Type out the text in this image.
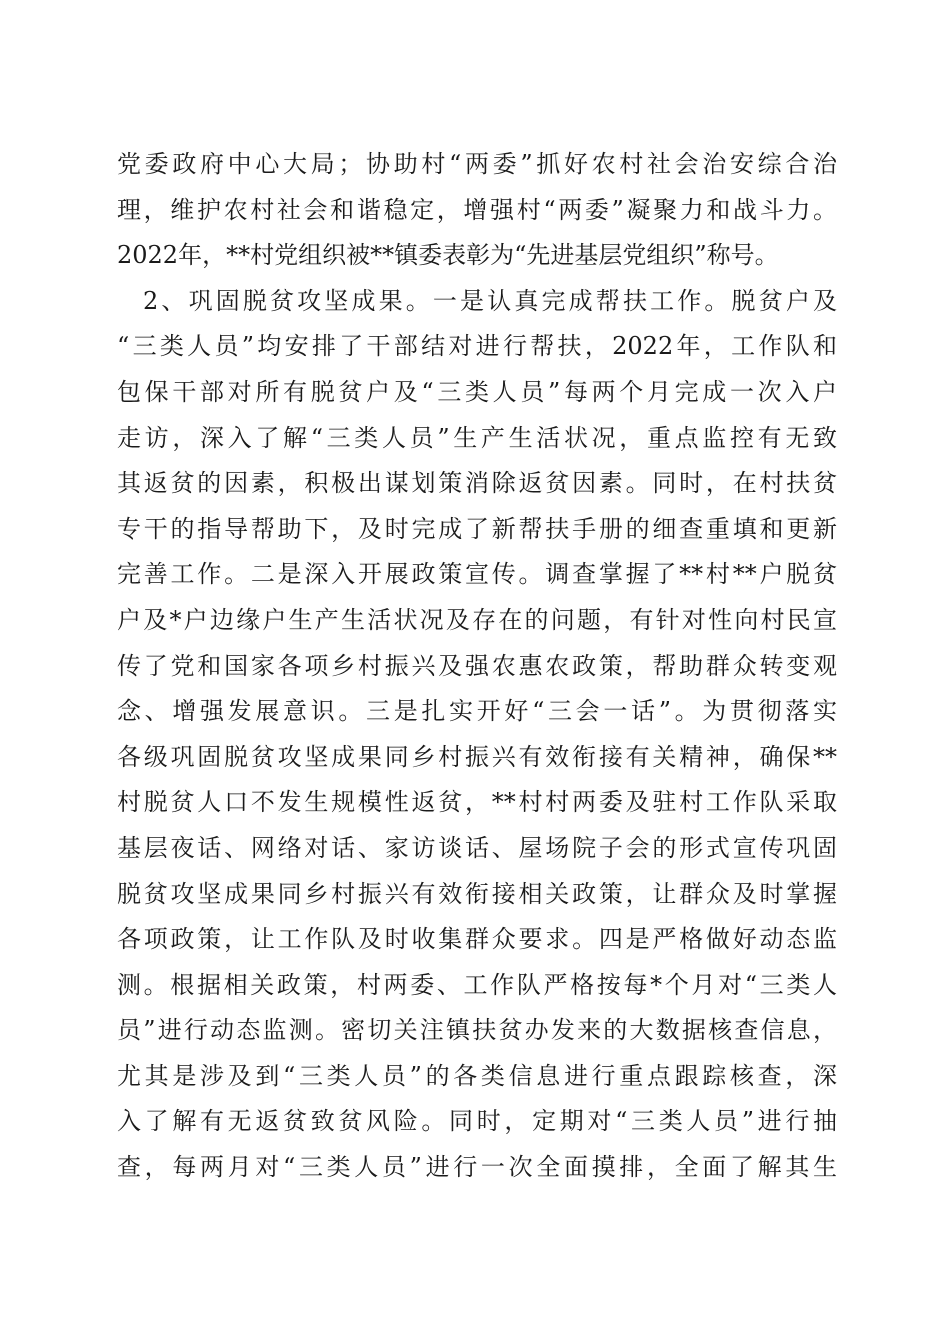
党委政府中心大局；协助村“两委”抓好农村社会治安综合治
理，维护农村社会和谐稳定，增强村“两委”凝聚力和战斗力。
2022年，**村党组织被**镇委表彰为“先进基层党组织”称号。
2、巩固脱贫攻坚成果。一是认真完成帮扶工作。脱贫户及
“三类人员”均安排了干部结对进行帮扶，2022年，工作队和
包保干部对所有脱贫户及“三类人员”每两个月完成一次入户
走访，深入了解“三类人员”生产生活状况，重点监控有无致
其返贫的因素，积极出谋划策消除返贫因素。同时，在村扶贫
专干的指导帮助下，及时完成了新帮扶手册的细查重填和更新
完善工作。二是深入开展政策宣传。调查掌握了**村**户脱贫
户及*户边缘户生产生活状况及存在的问题，有针对性向村民宣
传了党和国家各项乡村振兴及强农惠农政策，帮助群众转变观
念、增强发展意识。三是扎实开好“三会一话”。为贯彻落实
各级巩固脱贫攻坚成果同乡村振兴有效衔接有关精神，确保**
村脱贫人口不发生规模性返贫，**村村两委及驻村工作队采取
基层夜话、网络对话、家访谈话、屋场院子会的形式宣传巩固
脱贫攻坚成果同乡村振兴有效衔接相关政策，让群众及时掌握
各项政策，让工作队及时收集群众要求。四是严格做好动态监
测。根据相关政策，村两委、工作队严格按每*个月对“三类人
员”进行动态监测。密切关注镇扶贫办发来的大数据核查信息，
尤其是涉及到“三类人员”的各类信息进行重点跟踪核查，深
入了解有无返贫致贫风险。同时，定期对“三类人员”进行抽
查，每两月对“三类人员”进行一次全面摸排，全面了解其生
